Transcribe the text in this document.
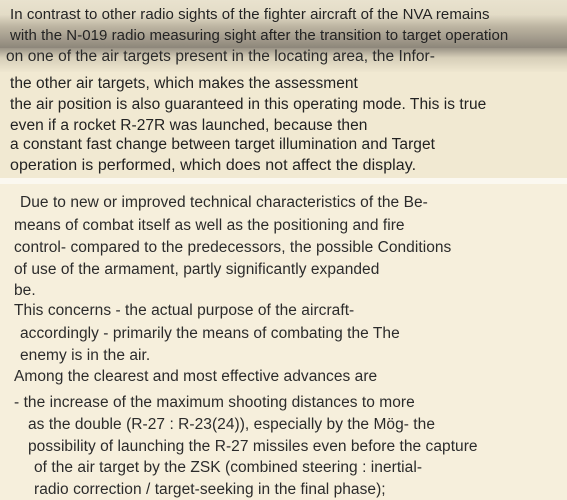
In contrast to other radio sights of the fighter aircraft of the NVA remains
with the N-019 radio measuring sight after the transition to target operation
on one of the air targets present in the locating area, the Infor-
the other air targets, which makes the assessment
the air position is also guaranteed in this operating mode. This is true
even if a rocket R-27R was launched, because then
a constant fast change between target illumination and Target
operation is performed, which does not affect the display.
Due to new or improved technical characteristics of the Be-
means of combat itself as well as the positioning and fire
control- compared to the predecessors, the possible Conditions
of use of the armament, partly significantly expanded
be.
This concerns - the actual purpose of the aircraft-
accordingly - primarily the means of combating the The
enemy is in the air.
Among the clearest and most effective advances are
- the increase of the maximum shooting distances to more
as the double (R-27 : R-23(24)), especially by the Mög- the
possibility of launching the R-27 missiles even before the capture
of the air target by the ZSK (combined steering : inertial-
radio correction / target-seeking in the final phase);
